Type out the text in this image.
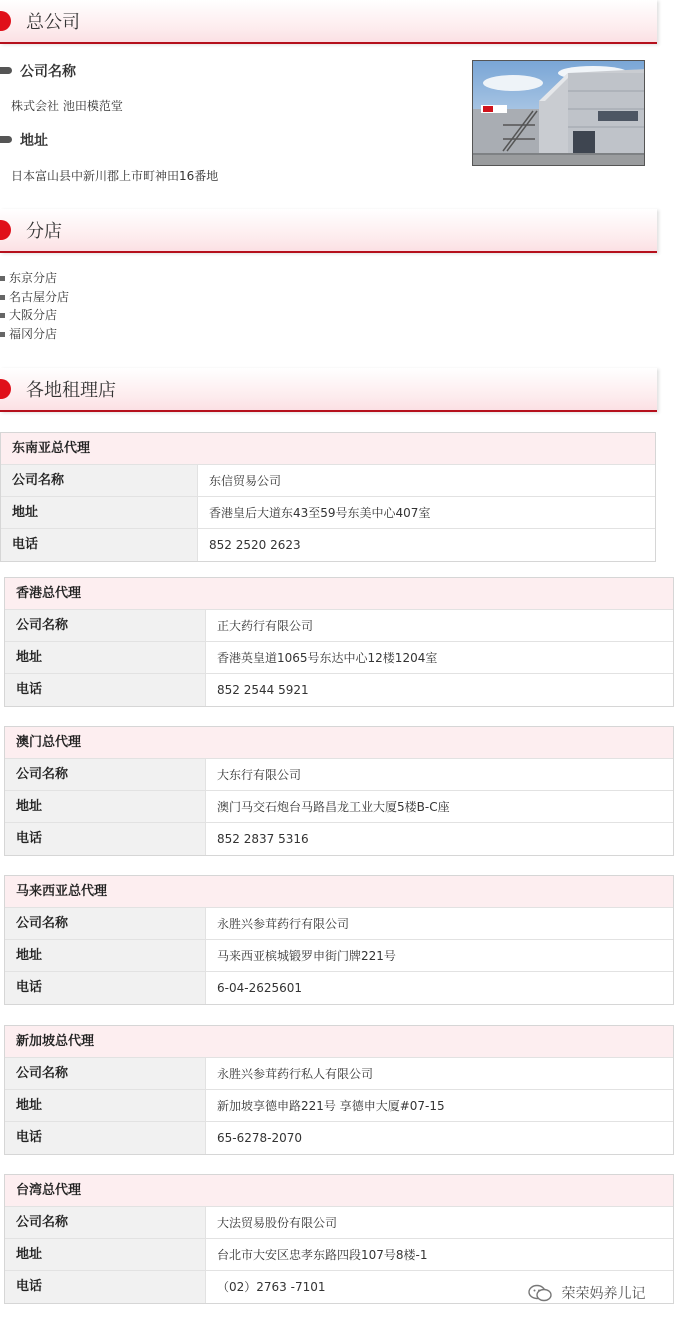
总公司
公司名称
株式会社 池田模范堂
地址
日本富山县中新川郡上市町神田16番地
分店
东京分店
名古屋分店
大阪分店
福冈分店
各地租理店
东南亚总代理
公司名称	东信贸易公司
地址	香港皇后大道东43至59号东美中心407室
电话	852 2520 2623
香港总代理
公司名称	正大药行有限公司
地址	香港英皇道1065号东达中心12楼1204室
电话	852 2544 5921
澳门总代理
公司名称	大东行有限公司
地址	澳门马交石炮台马路昌龙工业大厦5楼B-C座
电话	852 2837 5316
马来西亚总代理
公司名称	永胜兴参茸药行有限公司
地址	马来西亚槟城锻罗申街门牌221号
电话	6-04-2625601
新加坡总代理
公司名称	永胜兴参茸药行私人有限公司
地址	新加坡享德申路221号 享德申大厦#07-15
电话	65-6278-2070
台湾总代理
公司名称	大法贸易股份有限公司
地址	台北市大安区忠孝东路四段107号8楼-1
电话	（02）2763 -7101	荣荣妈养儿记
